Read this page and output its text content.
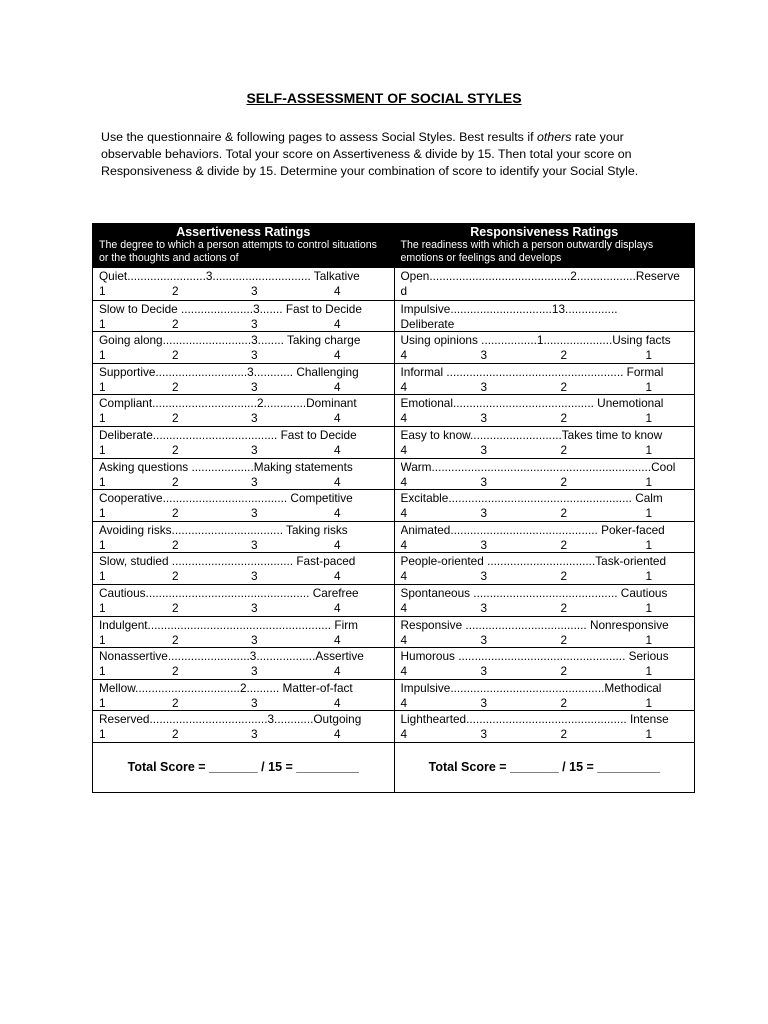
SELF-ASSESSMENT OF SOCIAL STYLES
Use the questionnaire & following pages to assess Social Styles. Best results if others rate your observable behaviors. Total your score on Assertiveness & divide by 15. Then total your score on Responsiveness & divide by 15. Determine your combination of score to identify your Social Style.
Assertiveness Ratings
The degree to which a person attempts to control situations or the thoughts and actions of
Quiet........................3.............................. Talkative
1	2	3	4
Slow to Decide ......................3....... Fast to Decide
1	2	3	4
Going along...........................3........ Taking charge
1	2	3	4
Supportive............................3............ Challenging
1	2	3	4
Compliant................................2.............Dominant
1	2	3	4
Deliberate...................................... Fast to Decide
1	2	3	4
Asking questions ...................Making statements
1	2	3	4
Cooperative...................................... Competitive
1	2	3	4
Avoiding risks.................................. Taking risks
1	2	3	4
Slow, studied ..................................... Fast-paced
1	2	3	4
Cautious.................................................. Carefree
1	2	3	4
Indulgent........................................................ Firm
1	2	3	4
Nonassertive.........................3..................Assertive
1	2	3	4
Mellow................................2.......... Matter-of-fact
1	2	3	4
Reserved....................................3............Outgoing
1	2	3	4
Total Score = _______ / 15 = _________
Responsiveness Ratings
The readiness with which a person outwardly displays emotions or feelings and develops
Open...........................................2..................Reserve
d
Impulsive...............................13................
Deliberate
Using opinions .................1.....................Using facts
4	3	2	1
Informal ...................................................... Formal
4	3	2	1
Emotional........................................... Unemotional
4	3	2	1
Easy to know............................Takes time to know
4	3	2	1
Warm...................................................................Cool
4	3	2	1
Excitable........................................................ Calm
4	3	2	1
Animated............................................. Poker-faced
4	3	2	1
People-oriented .................................Task-oriented
4	3	2	1
Spontaneous ............................................ Cautious
4	3	2	1
Responsive ..................................... Nonresponsive
4	3	2	1
Humorous ................................................... Serious
4	3	2	1
Impulsive...............................................Methodical
4	3	2	1
Lighthearted................................................. Intense
4	3	2	1
Total Score = _______ / 15 = _________
